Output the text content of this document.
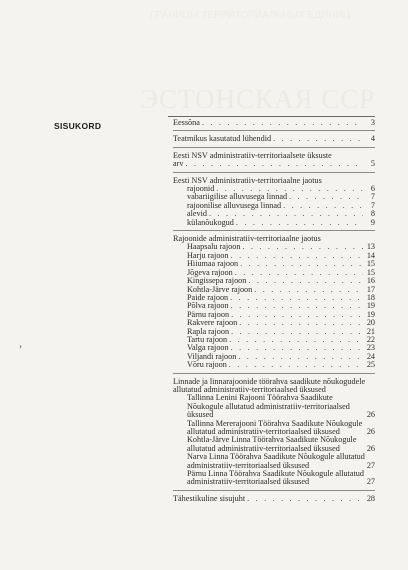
ГРАНИЦЫ ТЕРРИТОРИАЛЬНЫХ ЕДИНИЦ
ЭСТОНСКАЯ ССР
SISUKORD
›
Eessõna . . .	3
Teatmikus kasutatud lühendid . . .	4
Eesti NSV administratiiv-territoriaalsete üksuste
arv . . .	5
Eesti NSV administratiiv-territoriaalne jaotus
rajoonid . . .	6
vabariigilise alluvusega linnad . . .	7
rajoonilise alluvusega linnad . . .	7
alevid . . .	8
külanõukogud . . .	9
Rajoonide administratiiv-territoriaalne jaotus
Haapsalu rajoon . . .	13
Harju rajoon . . .	14
Hiiumaa rajoon . . .	15
Jõgeva rajoon . . .	15
Kingissepa rajoon . . .	16
Kohtla-Järve rajoon . . .	17
Paide rajoon . . .	18
Põlva rajoon . . .	19
Pärnu rajoon . . .	19
Rakvere rajoon . . .	20
Rapla rajoon . . .	21
Tartu rajoon . . .	22
Valga rajoon . . .	23
Viljandi rajoon . . .	24
Võru rajoon . . .	25
Linnade ja linnarajoonide töörahva saadikute nõukogudele allutatud administratiiv-territoriaalsed üksused
Tallinna Lenini Rajooni Töörahva Saadikute Nõukogule allutatud administratiiv-territoriaalsed üksused	26
Tallinna Mererajooni Töörahva Saadikute Nõukogule allutatud administratiiv-territoriaalsed üksused	26
Kohtla-Järve Linna Töörahva Saadikute Nõukogule allutatud administratiiv-territoriaalsed üksused	26
Narva Linna Töörahva Saadikute Nõukogule allutatud administratiiv-territoriaalsed üksused	27
Pärnu Linna Töörahva Saadikute Nõukogule allutatud administratiiv-territoriaalsed üksused	27
Tähestikuline sisujuht . . .	28
